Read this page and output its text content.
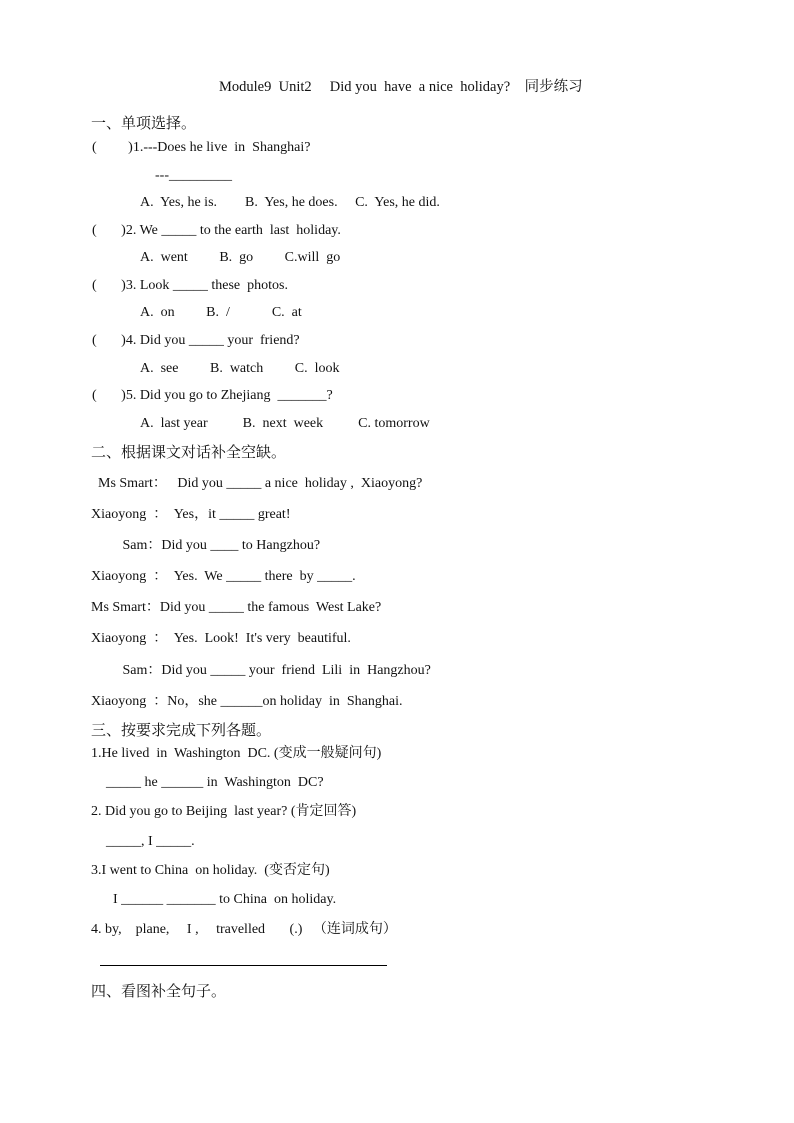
Module9  Unit2     Did you  have  a nice  holiday?    同步练习
一、单项选择。
(         )1.---Does he live  in  Shanghai?
---_________
A.  Yes, he is.        B.  Yes, he does.     C.  Yes, he did.
(       )2. We _____ to the earth  last  holiday.
A.  went         B.  go         C.will  go
(       )3. Look _____ these  photos.
A.  on         B.  /            C.  at
(       )4. Did you _____ your  friend?
A.  see         B.  watch         C.  look
(       )5. Did you go to Zhejiang  _______?
A.  last year          B.  next  week          C. tomorrow
二、根据课文对话补全空缺。
Ms Smart：   Did you _____ a nice  holiday ,  Xiaoyong?
Xiaoyong  ：  Yes，it _____ great!
Sam：Did you ____ to Hangzhou?
Xiaoyong  ：  Yes.  We _____ there  by _____.
Ms Smart：Did you _____ the famous  West Lake?
Xiaoyong  ：  Yes.  Look!  It's very  beautiful.
Sam：Did you _____ your  friend  Lili  in  Hangzhou?
Xiaoyong  ：No，she ______on holiday  in  Shanghai.
三、按要求完成下列各题。
1.He lived  in  Washington  DC. (变成一般疑问句)
_____ he ______ in  Washington  DC?
2. Did you go to Beijing  last year? (肯定回答)
_____, I _____.
3.I went to China  on holiday.  (变否定句)
I ______ _______ to China  on holiday.
4. by,    plane,     I ,     travelled       (.)   （连词成句）
四、看图补全句子。
